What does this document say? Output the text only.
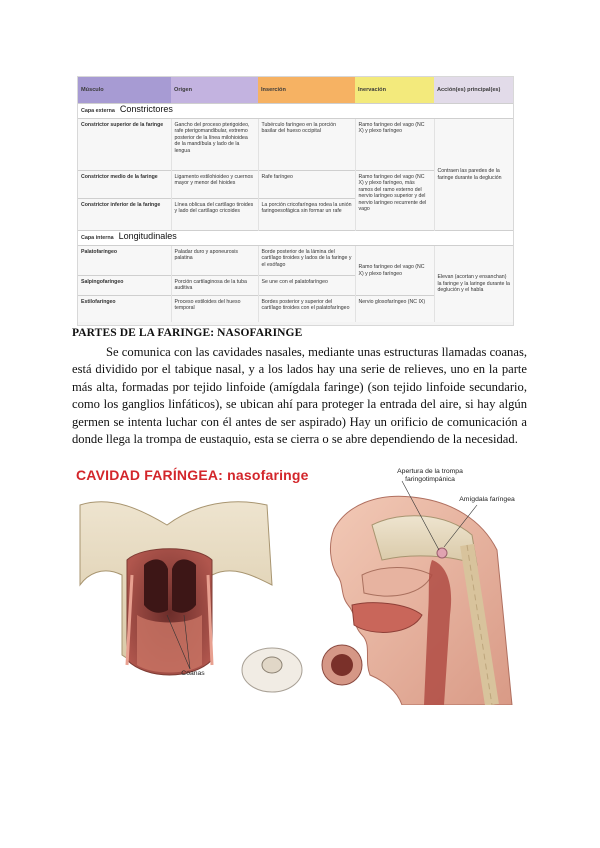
Músculo	Origen	Inserción	Inervación	Acción(es) principal(es)
Capa externa Constrictores				
Constrictor superior de la faringe	Gancho del proceso pterigoideo, rafe pterigomandibular, extremo posterior de la línea milohioidea de la mandíbula y lado de la lengua	Tubérculo faríngeo en la porción basilar del hueso occipital	Ramo faríngeo del vago (NC X) y plexo faríngeo	Contraen las paredes de la faringe durante la deglución
Constrictor medio de la faringe	Ligamento estilohioideo y cuernos mayor y menor del hioides	Rafe faríngeo	Ramo faríngeo del vago (NC X) y plexo faríngeo, más ramos del ramo externo del nervio laríngeo superior y del nervio laríngeo recurrente del vago	
Constrictor inferior de la faringe	Línea oblicua del cartílago tiroides y lado del cartílago cricoides	La porción cricofaríngea rodea la unión faringoesofágica sin formar un rafe		
Capa interna Longitudinales				
Palatofaríngeo	Paladar duro y aponeurosis palatina	Borde posterior de la lámina del cartílago tiroides y lados de la faringe y el esófago	Ramo faríngeo del vago (NC X) y plexo faríngeo	Elevan (acortan y ensanchan) la faringe y la laringe durante la deglución y el habla
Salpingofaríngeo	Porción cartilaginosa de la tuba auditiva	Se une con el palatofaríngeo		
Estilofaríngeo	Proceso estiloides del hueso temporal	Bordes posterior y superior del cartílago tiroides con el palatofaríngeo	Nervio glosofaríngeo (NC IX)	
PARTES DE LA FARINGE: NASOFARINGE

Se comunica con las cavidades nasales, mediante unas estructuras llamadas coanas, está dividido por el tabique nasal, y a los lados hay una serie de relieves, uno en la parte más alta, formadas por tejido linfoide (amígdala faringe) (son tejido linfoide secundario, como los ganglios linfáticos), se ubican ahí para proteger la entrada del aire, si hay algún germen se intenta luchar con él antes de ser aspirado) Hay un orificio de comunicación a donde llega la trompa de eustaquio, esta se cierra o se abre dependiendo de la necesidad.

CAVIDAD FARÍNGEA: nasofaringe	Apertura de la trompa faringotimpánica
Amígdala faríngea
Coanas
